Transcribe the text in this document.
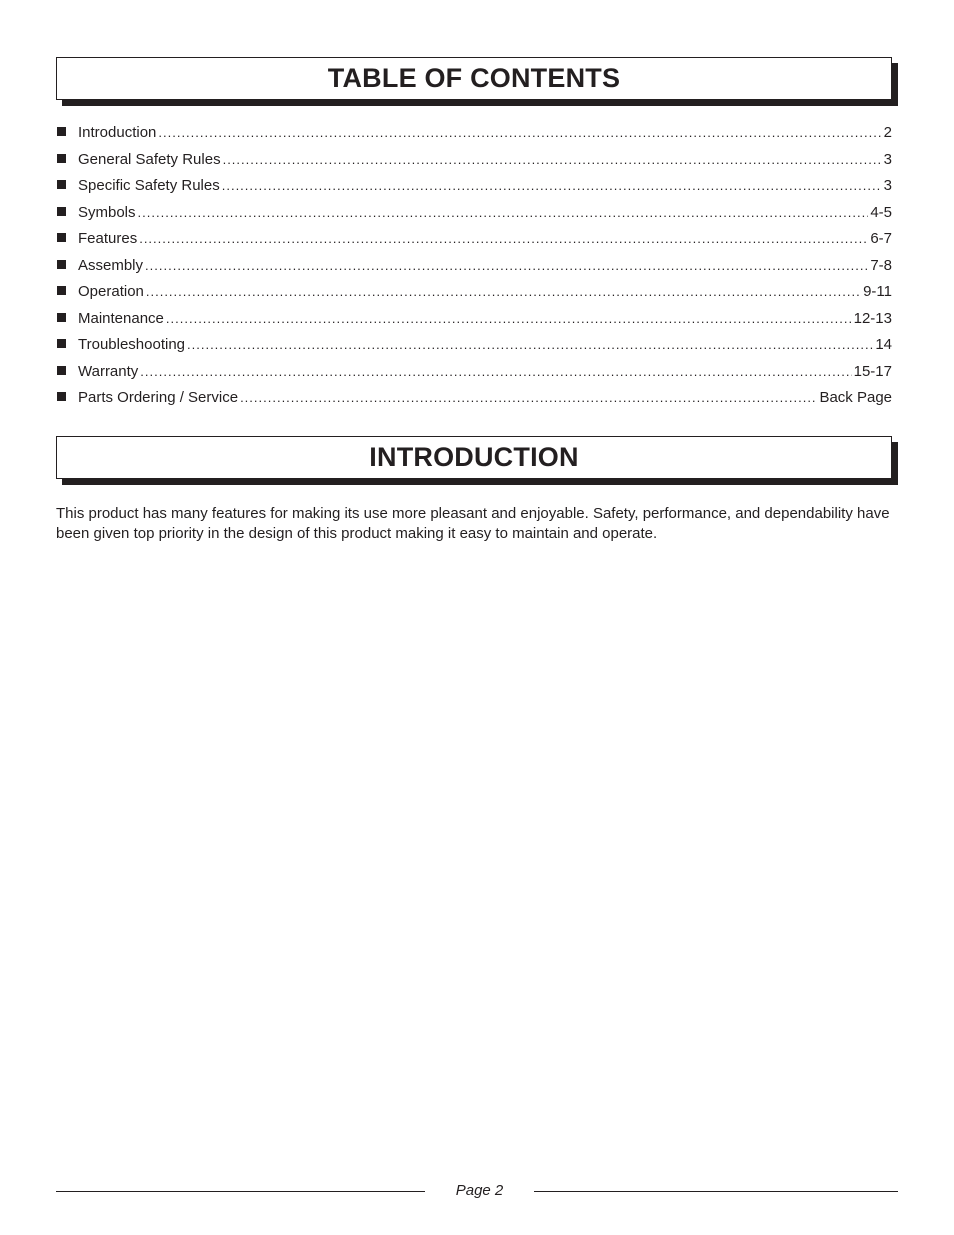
TABLE OF CONTENTS
Introduction .....	2
General Safety Rules .....	3
Specific Safety Rules .....	3
Symbols .....	4-5
Features .....	6-7
Assembly .....	7-8
Operation .....	9-11
Maintenance .....	12-13
Troubleshooting .....	14
Warranty .....	15-17
Parts Ordering / Service .....	Back Page
INTRODUCTION

This product has many features for making its use more pleasant and enjoyable. Safety, performance, and dependability have been given top priority in the design of this product making it easy to maintain and operate.

Page 2
